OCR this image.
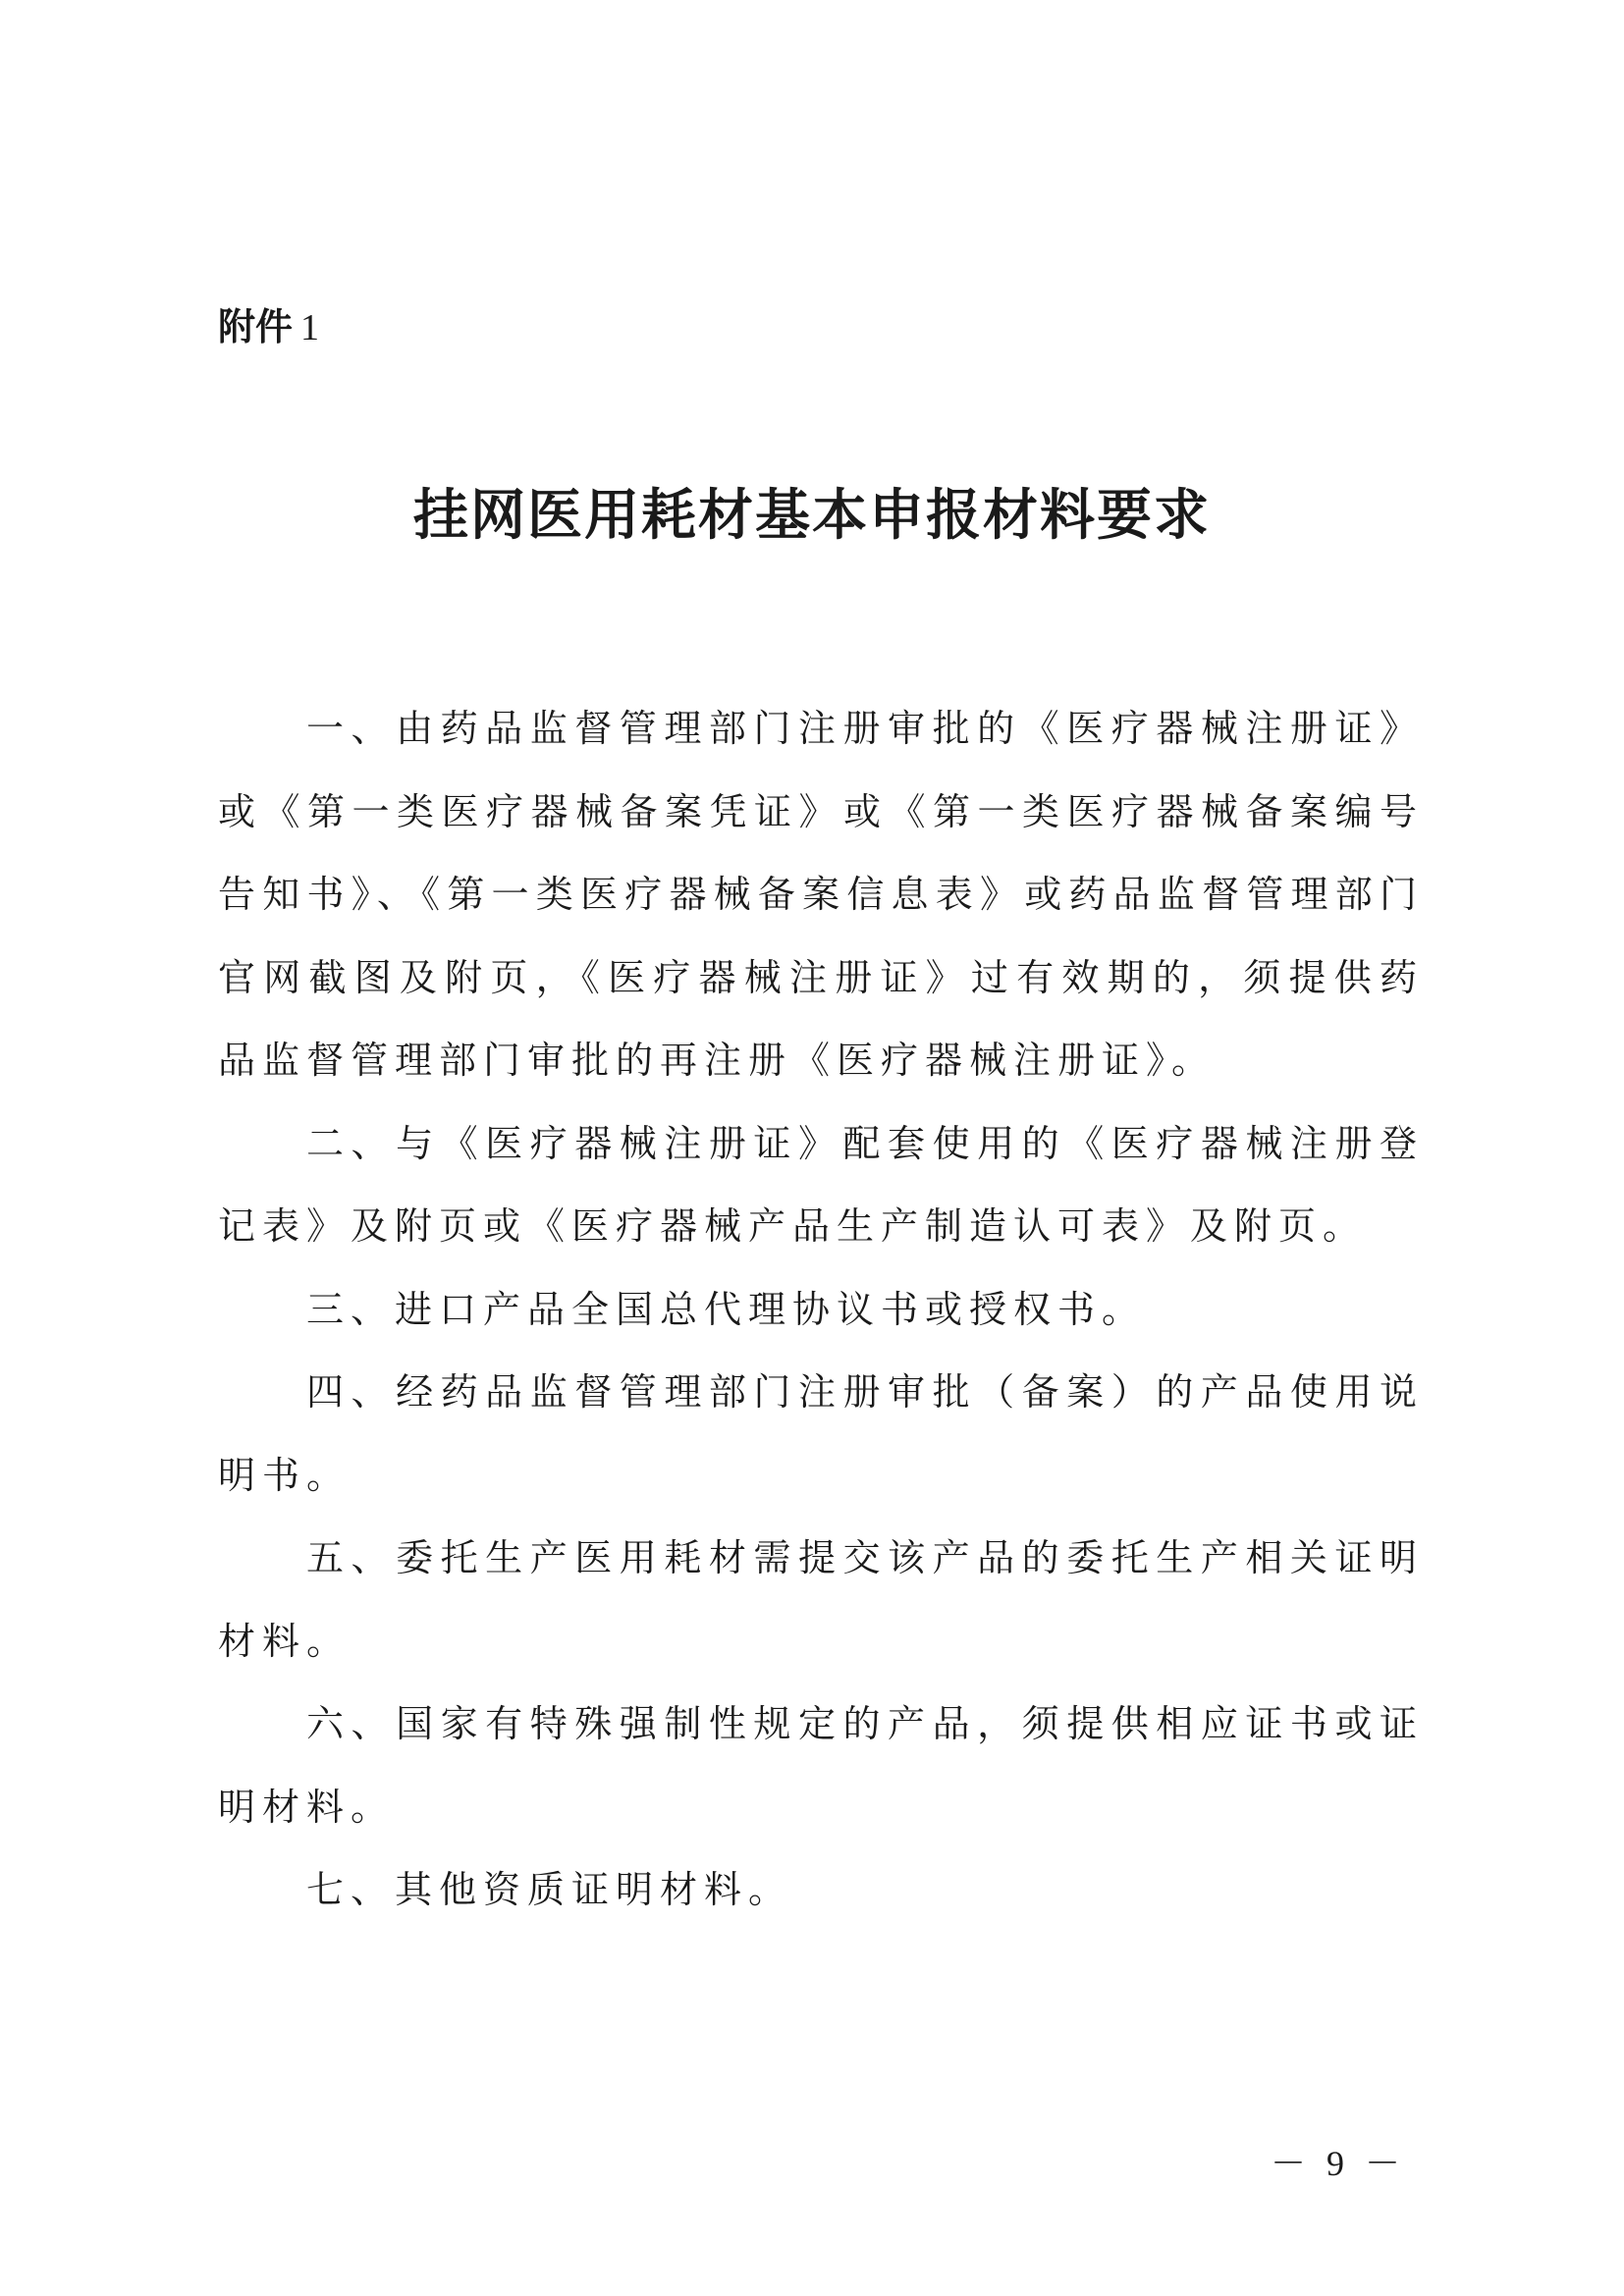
附件 1
挂网医用耗材基本申报材料要求

一、由药品监督管理部门注册审批的《医疗器械注册证》或《第一类医疗器械备案凭证》或《第一类医疗器械备案编号告知书》、《第一类医疗器械备案信息表》或药品监督管理部门官网截图及附页，《医疗器械注册证》过有效期的，须提供药品监督管理部门审批的再注册《医疗器械注册证》。

二、与《医疗器械注册证》配套使用的《医疗器械注册登记表》及附页或《医疗器械产品生产制造认可表》及附页。

三、进口产品全国总代理协议书或授权书。

四、经药品监督管理部门注册审批（备案）的产品使用说明书。

五、委托生产医用耗材需提交该产品的委托生产相关证明材料。

六、国家有特殊强制性规定的产品，须提供相应证书或证明材料。

七、其他资质证明材料。

－ 9 －
